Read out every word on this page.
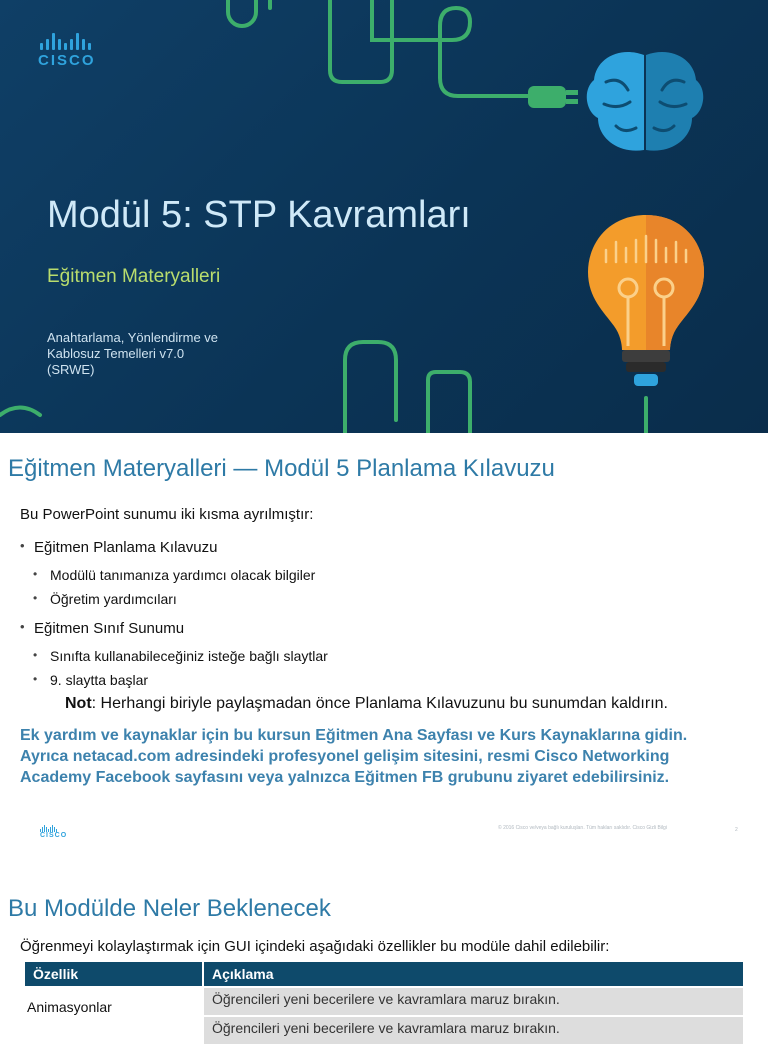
CISCO
Modül 5: STP Kavramları
Eğitmen Materyalleri
Anahtarlama, Yönlendirme ve
Kablosuz Temelleri v7.0
(SRWE)
Eğitmen Materyalleri — Modül 5 Planlama Kılavuzu
Bu PowerPoint sunumu iki kısma ayrılmıştır:
• Eğitmen Planlama Kılavuzu
• Modülü tanımanıza yardımcı olacak bilgiler
• Öğretim yardımcıları
• Eğitmen Sınıf Sunumu
• Sınıfta kullanabileceğiniz isteğe bağlı slaytlar
• 9. slaytta başlar
Not: Herhangi biriyle paylaşmadan önce Planlama Kılavuzunu bu sunumdan kaldırın.
Ek yardım ve kaynaklar için bu kursun Eğitmen Ana Sayfası ve Kurs Kaynaklarına gidin.
Ayrıca netacad.com adresindeki profesyonel gelişim sitesini, resmi Cisco Networking
Academy Facebook sayfasını veya yalnızca Eğitmen FB grubunu ziyaret edebilirsiniz.
CISCO
© 2016 Cisco ve/veya bağlı kuruluşları. Tüm hakları saklıdır. Cisco Gizli Bilgi	2
Bu Modülde Neler Beklenecek
Öğrenmeyi kolaylaştırmak için GUI içindeki aşağıdaki özellikler bu modüle dahil edilebilir:
Özellik	Açıklama
Animasyonlar	Öğrencileri yeni becerilere ve kavramlara maruz bırakın.
	Öğrencileri yeni becerilere ve kavramlara maruz bırakın.
